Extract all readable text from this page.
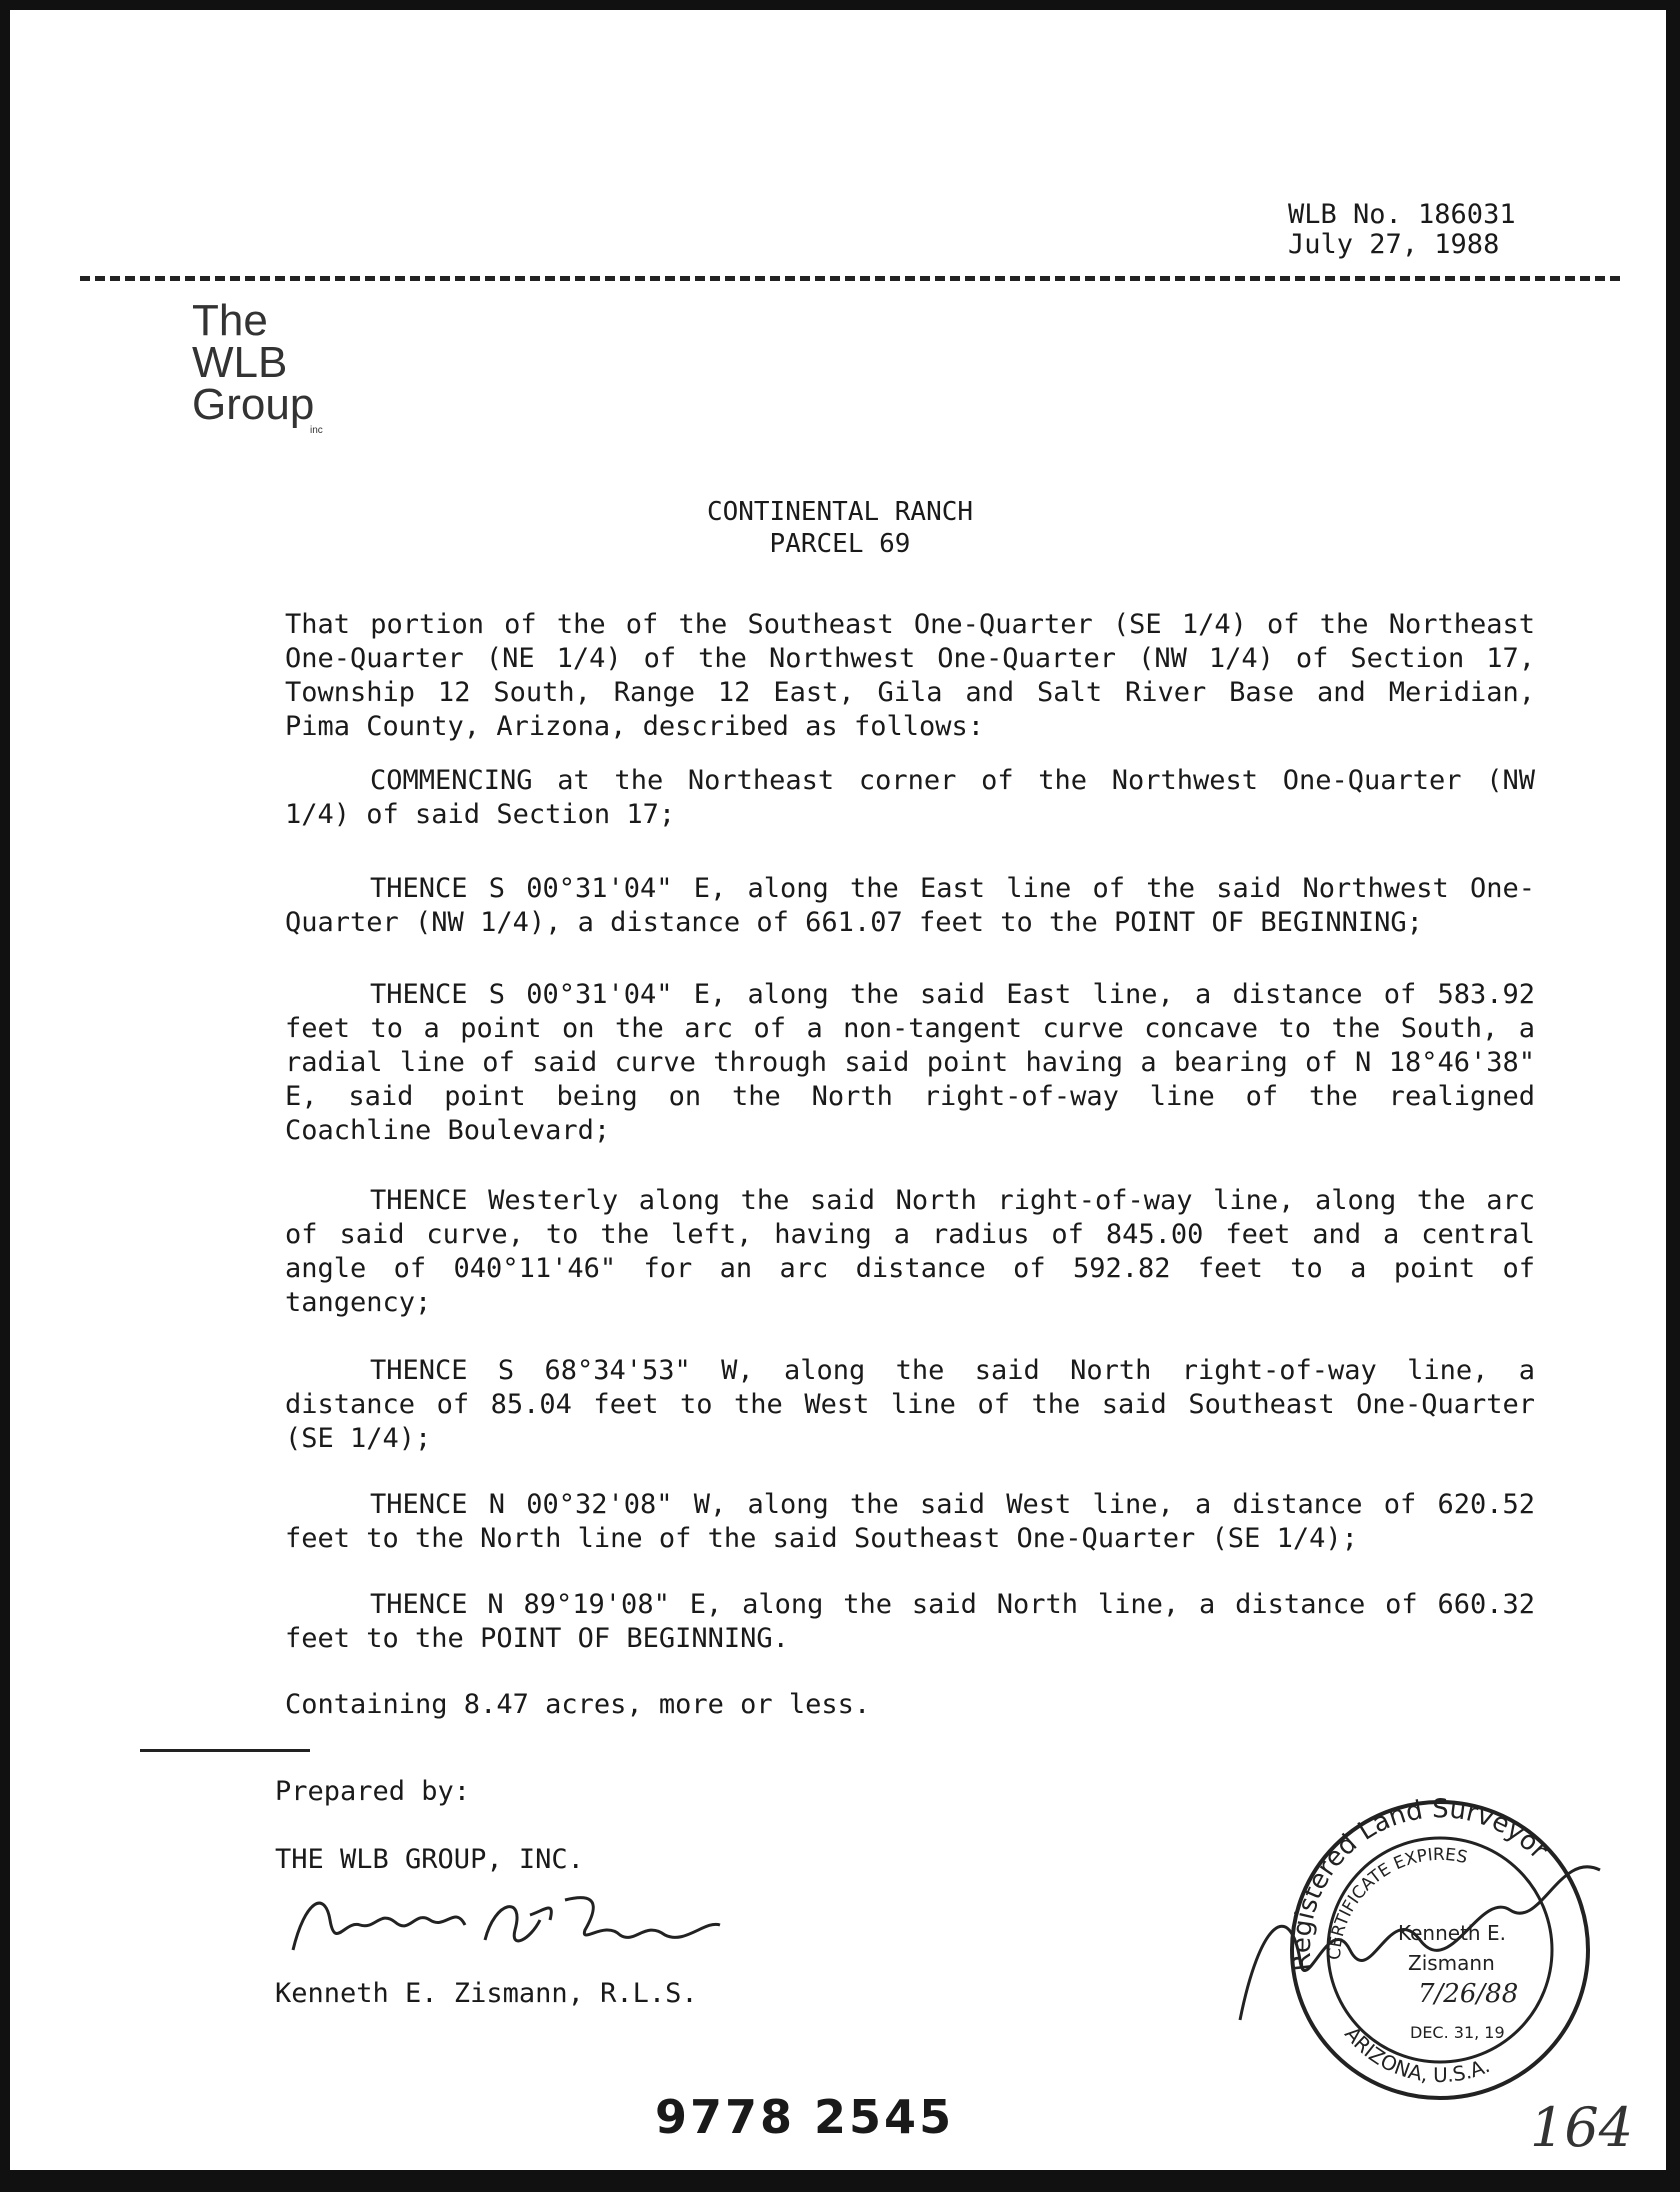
WLB No. 186031
July 27, 1988
The
WLB
Group
inc
CONTINENTAL RANCH
PARCEL 69

That portion of the of the Southeast One-Quarter (SE 1/4) of the Northeast One-Quarter (NE 1/4) of the Northwest One-Quarter (NW 1/4) of Section 17, Township 12 South, Range 12 East, Gila and Salt River Base and Meridian, Pima County, Arizona, described as follows:

COMMENCING at the Northeast corner of the Northwest One-Quarter (NW 1/4) of said Section 17;

THENCE S 00°31'04" E, along the East line of the said Northwest One-Quarter (NW 1/4), a distance of 661.07 feet to the POINT OF BEGINNING;

THENCE S 00°31'04" E, along the said East line, a distance of 583.92 feet to a point on the arc of a non-tangent curve concave to the South, a radial line of said curve through said point having a bearing of N 18°46'38" E, said point being on the North right-of-way line of the realigned Coachline Boulevard;

THENCE Westerly along the said North right-of-way line, along the arc of said curve, to the left, having a radius of 845.00 feet and a central angle of 040°11'46" for an arc distance of 592.82 feet to a point of tangency;

THENCE S 68°34'53" W, along the said North right-of-way line, a distance of 85.04 feet to the West line of the said Southeast One-Quarter (SE 1/4);

THENCE N 00°32'08" W, along the said West line, a distance of 620.52 feet to the North line of the said Southeast One-Quarter (SE 1/4);

THENCE N 89°19'08" E, along the said North line, a distance of 660.32 feet to the POINT OF BEGINNING.

Containing 8.47 acres, more or less.

Prepared by:
THE WLB GROUP, INC.
Kenneth E. Zismann, R.L.S.
Registered Land Surveyor
CERTIFICATE EXPIRES
ARIZONA, U.S.A.
Kenneth E.
Zismann
7/26/88
DEC. 31, 19
9778 2545	164
